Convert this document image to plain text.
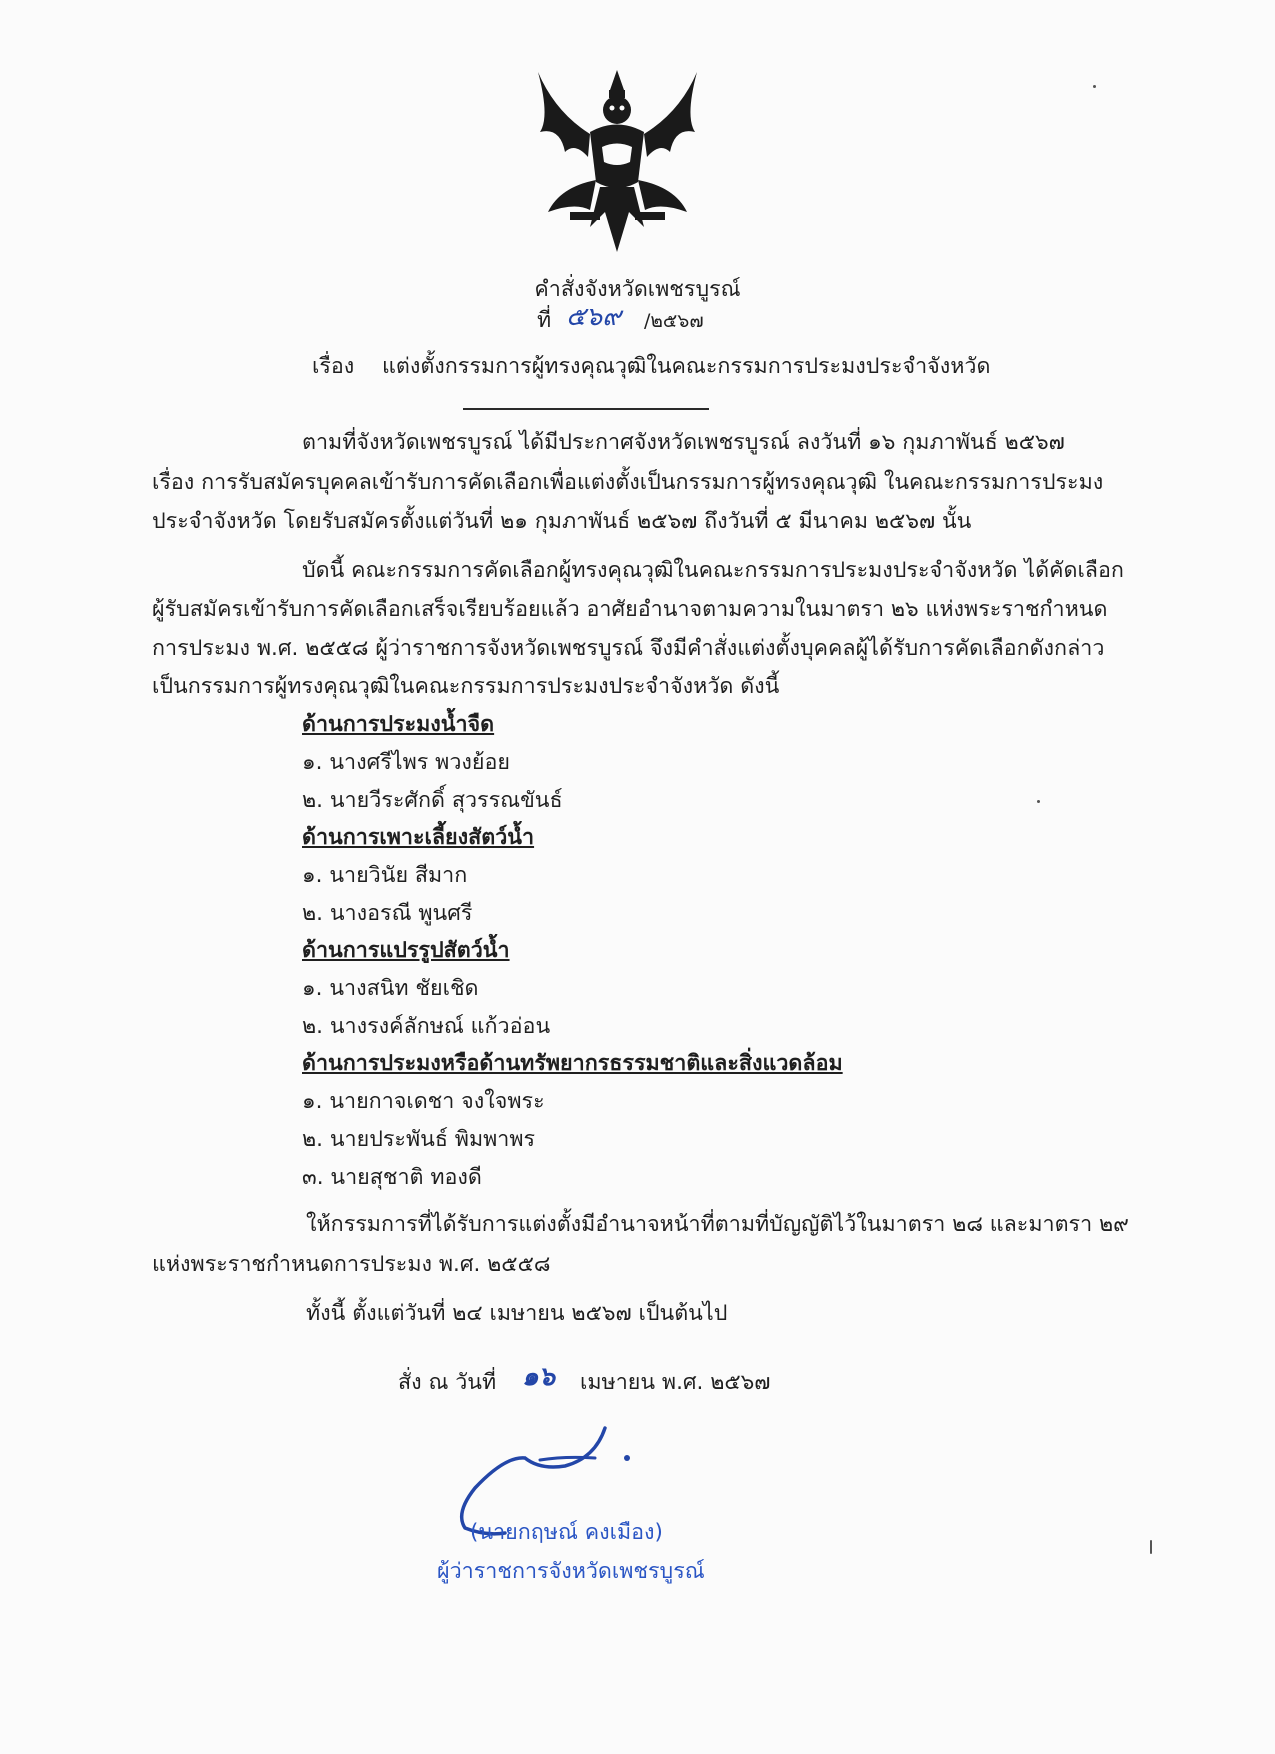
คำสั่งจังหวัดเพชรบูรณ์
ที่ ๕๖๙ /๒๕๖๗
เรื่อง แต่งตั้งกรรมการผู้ทรงคุณวุฒิในคณะกรรมการประมงประจำจังหวัด
ตามที่จังหวัดเพชรบูรณ์ ได้มีประกาศจังหวัดเพชรบูรณ์ ลงวันที่ ๑๖ กุมภาพันธ์ ๒๕๖๗
เรื่อง การรับสมัครบุคคลเข้ารับการคัดเลือกเพื่อแต่งตั้งเป็นกรรมการผู้ทรงคุณวุฒิ ในคณะกรรมการประมง
ประจำจังหวัด โดยรับสมัครตั้งแต่วันที่ ๒๑ กุมภาพันธ์ ๒๕๖๗ ถึงวันที่ ๕ มีนาคม ๒๕๖๗ นั้น
บัดนี้ คณะกรรมการคัดเลือกผู้ทรงคุณวุฒิในคณะกรรมการประมงประจำจังหวัด ได้คัดเลือก
ผู้รับสมัครเข้ารับการคัดเลือกเสร็จเรียบร้อยแล้ว อาศัยอำนาจตามความในมาตรา ๒๖ แห่งพระราชกำหนด
การประมง พ.ศ. ๒๕๕๘ ผู้ว่าราชการจังหวัดเพชรบูรณ์ จึงมีคำสั่งแต่งตั้งบุคคลผู้ได้รับการคัดเลือกดังกล่าว
เป็นกรรมการผู้ทรงคุณวุฒิในคณะกรรมการประมงประจำจังหวัด ดังนี้
ด้านการประมงน้ำจืด
๑. นางศรีไพร พวงย้อย
๒. นายวีระศักดิ์ สุวรรณขันธ์
ด้านการเพาะเลี้ยงสัตว์น้ำ
๑. นายวินัย สีมาก
๒. นางอรณี พูนศรี
ด้านการแปรรูปสัตว์น้ำ
๑. นางสนิท ชัยเชิด
๒. นางรงค์ลักษณ์ แก้วอ่อน
ด้านการประมงหรือด้านทรัพยากรธรรมชาติและสิ่งแวดล้อม
๑. นายกาจเดชา จงใจพระ
๒. นายประพันธ์ พิมพาพร
๓. นายสุชาติ ทองดี
ให้กรรมการที่ได้รับการแต่งตั้งมีอำนาจหน้าที่ตามที่บัญญัติไว้ในมาตรา ๒๘ และมาตรา ๒๙
แห่งพระราชกำหนดการประมง พ.ศ. ๒๕๕๘
ทั้งนี้ ตั้งแต่วันที่ ๒๔ เมษายน ๒๕๖๗ เป็นต้นไป
สั่ง ณ วันที่ ๑๖ เมษายน พ.ศ. ๒๕๖๗
(นายกฤษณ์ คงเมือง)
ผู้ว่าราชการจังหวัดเพชรบูรณ์
